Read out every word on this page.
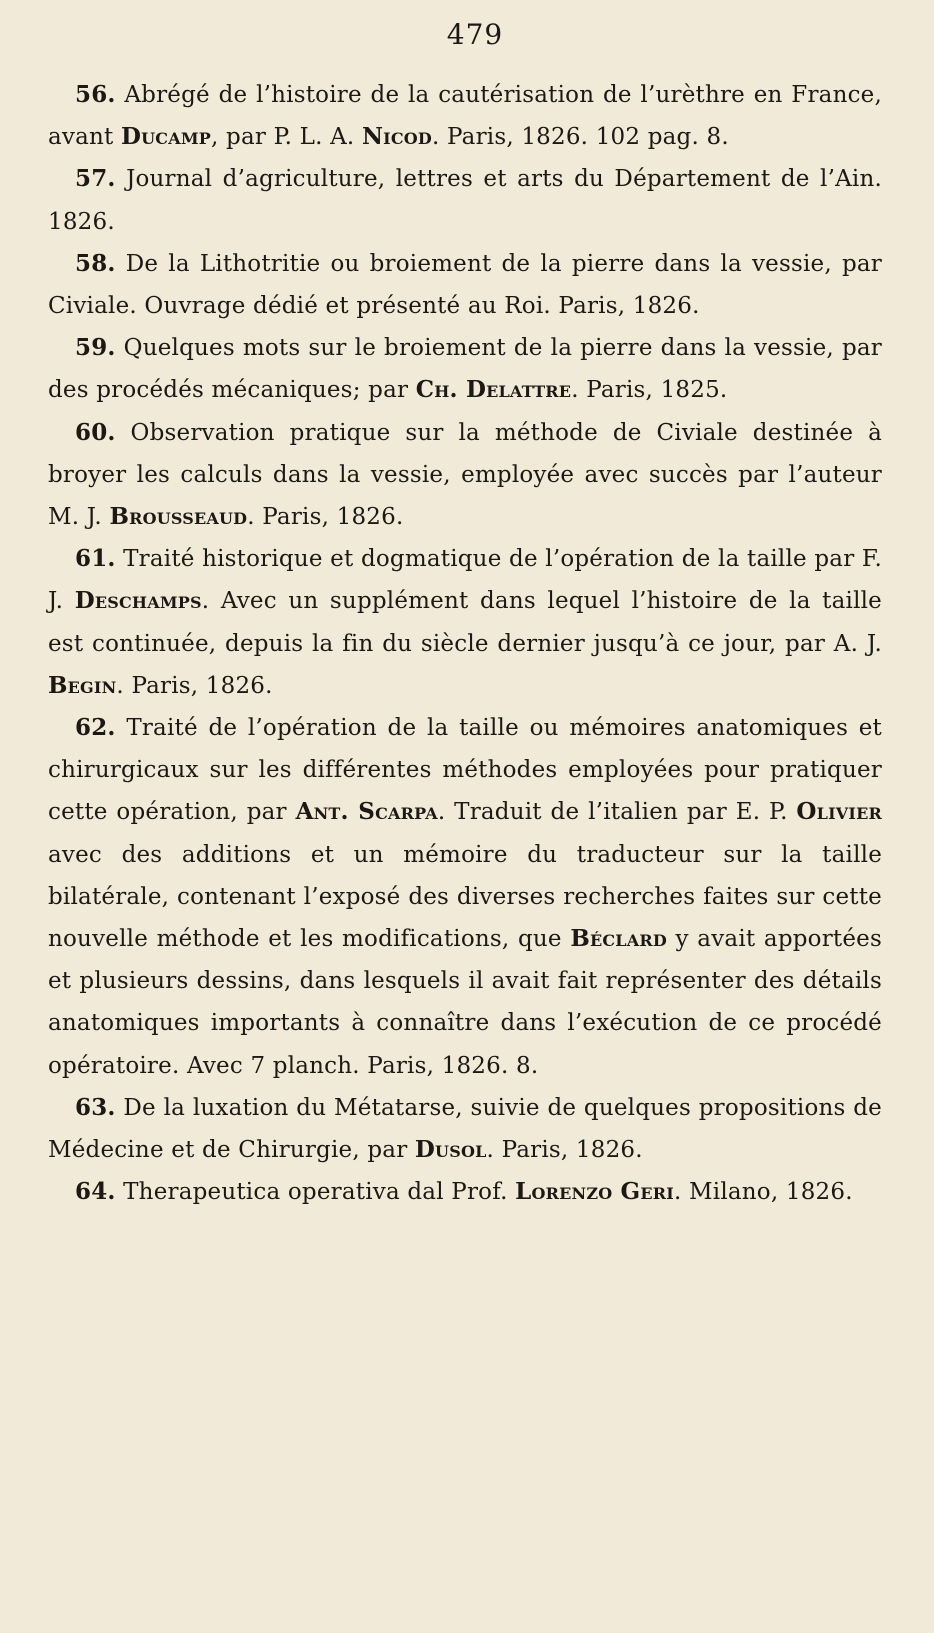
479

56. Abrégé de l’histoire de la cautérisation de l’urèthre en France, avant Ducamp, par P. L. A. Nicod. Paris, 1826. 102 pag. 8.

57. Journal d’agriculture, lettres et arts du Département de l’Ain. 1826.

58. De la Lithotritie ou broiement de la pierre dans la vessie, par Civiale. Ouvrage dédié et présenté au Roi. Paris, 1826.

59. Quelques mots sur le broiement de la pierre dans la vessie, par des procédés mécaniques; par Ch. Delattre. Paris, 1825.

60. Observation pratique sur la méthode de Civiale destinée à broyer les calculs dans la vessie, employée avec succès par l’auteur M. J. Brousseaud. Paris, 1826.

61. Traité historique et dogmatique de l’opération de la taille par F. J. Deschamps. Avec un supplément dans lequel l’histoire de la taille est continuée, depuis la fin du siècle dernier jusqu’à ce jour, par A. J. Begin. Paris, 1826.

62. Traité de l’opération de la taille ou mémoires anatomiques et chirurgicaux sur les différentes méthodes employées pour pratiquer cette opération, par Ant. Scarpa. Traduit de l’italien par E. P. Olivier avec des additions et un mémoire du traducteur sur la taille bilatérale, contenant l’exposé des diverses recherches faites sur cette nouvelle méthode et les modifications, que Béclard y avait apportées et plusieurs dessins, dans lesquels il avait fait représenter des détails anatomiques importants à connaître dans l’exécution de ce procédé opératoire. Avec 7 planch. Paris, 1826. 8.

63. De la luxation du Métatarse, suivie de quelques propositions de Médecine et de Chirurgie, par Dusol. Paris, 1826.

64. Therapeutica operativa dal Prof. Lorenzo Geri. Milano, 1826.
